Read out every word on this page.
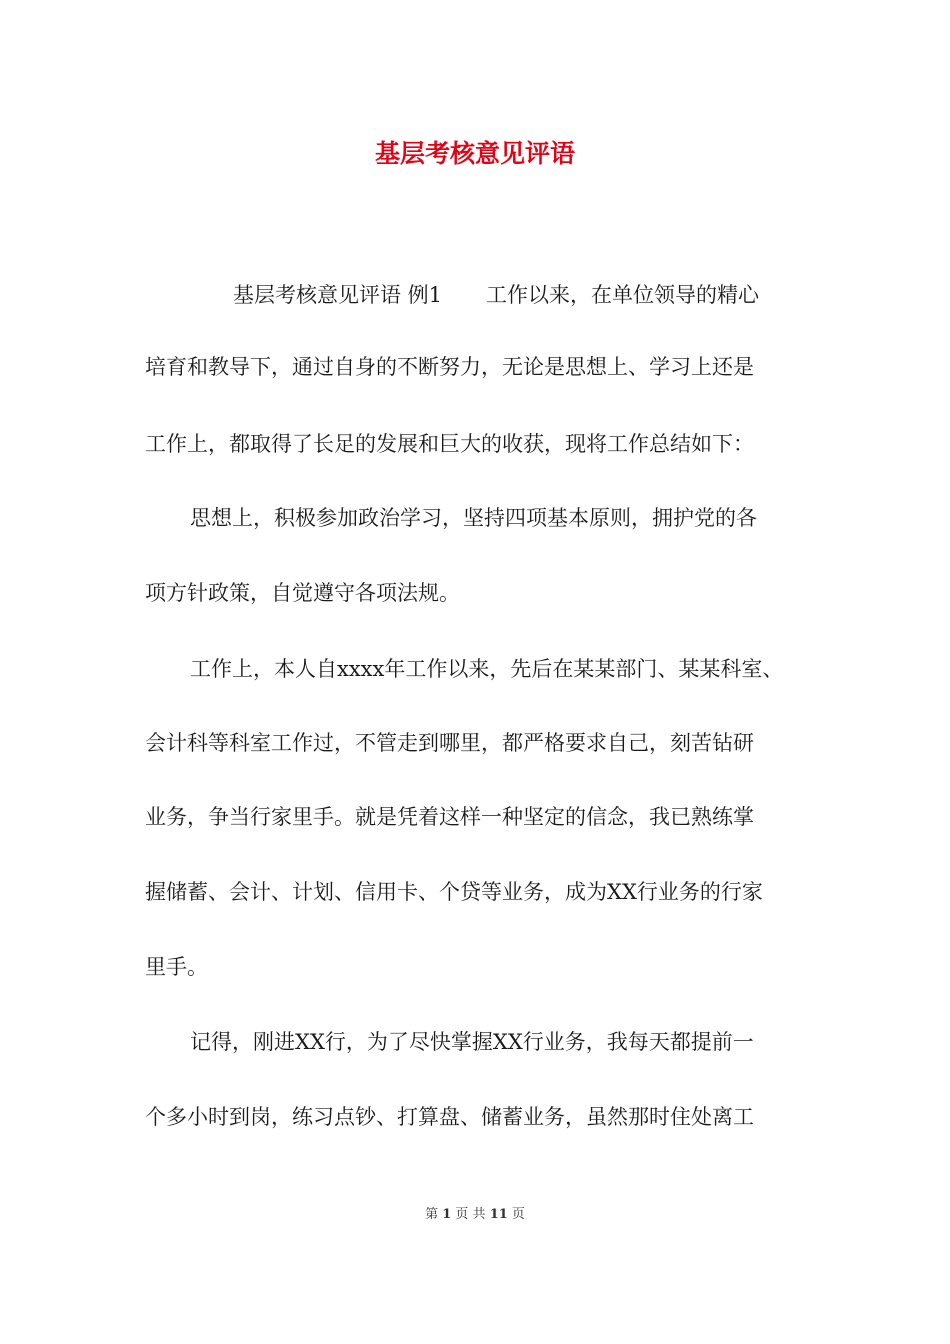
基层考核意见评语

基层考核意见评语 例1 工作以来，在单位领导的精心

培育和教导下，通过自身的不断努力，无论是思想上、学习上还是

工作上，都取得了长足的发展和巨大的收获，现将工作总结如下：

思想上，积极参加政治学习，坚持四项基本原则，拥护党的各

项方针政策，自觉遵守各项法规。

工作上，本人自xxxx年工作以来，先后在某某部门、某某科室、

会计科等科室工作过，不管走到哪里，都严格要求自己，刻苦钻研

业务，争当行家里手。就是凭着这样一种坚定的信念，我已熟练掌

握储蓄、会计、计划、信用卡、个贷等业务，成为XX行业务的行家

里手。

记得，刚进XX行，为了尽快掌握XX行业务，我每天都提前一

个多小时到岗，练习点钞、打算盘、储蓄业务，虽然那时住处离工

第 1 页 共 11 页
